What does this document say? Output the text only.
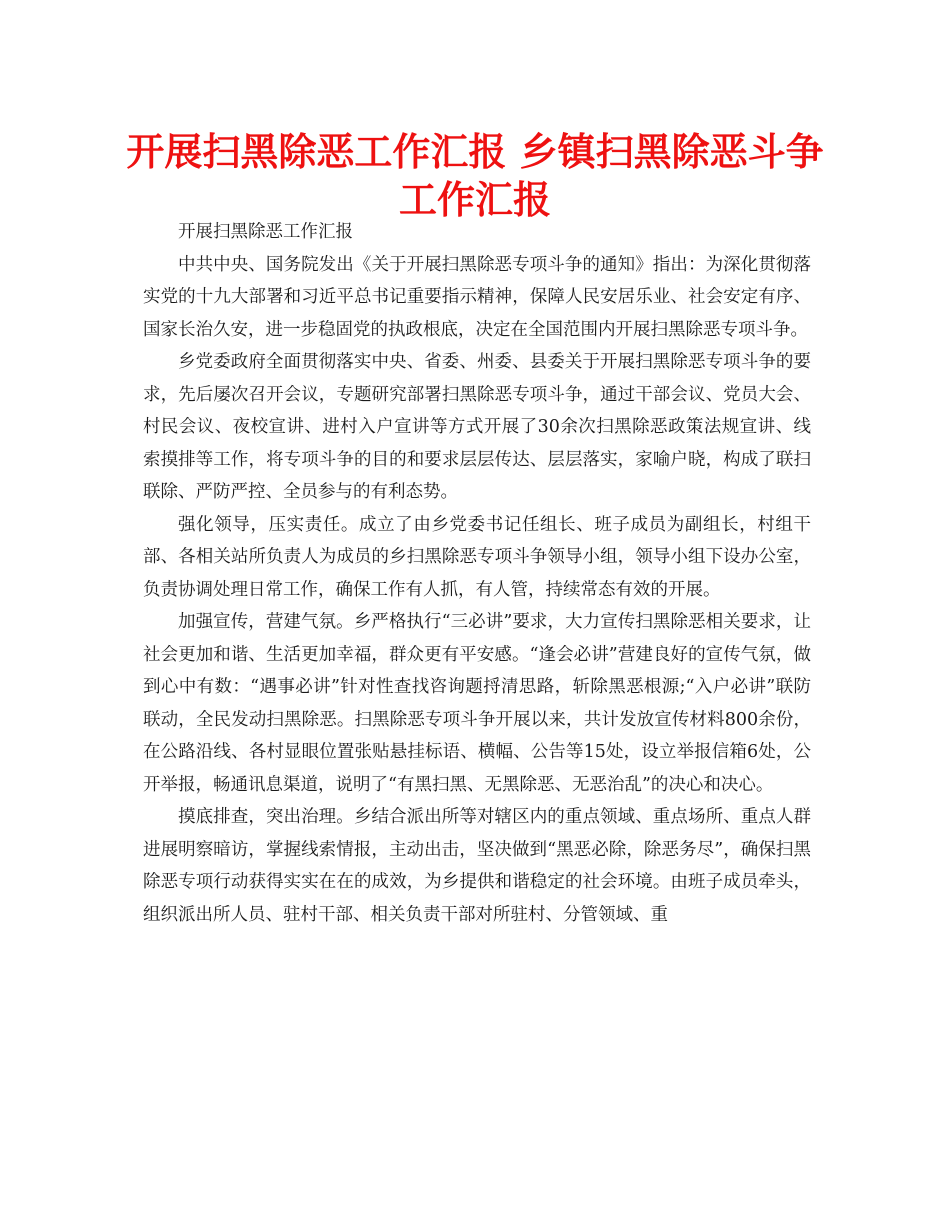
开展扫黑除恶工作汇报 乡镇扫黑除恶斗争工作汇报

开展扫黑除恶工作汇报

中共中央、国务院发出《关于开展扫黑除恶专项斗争的通知》指出：为深化贯彻落实党的十九大部署和习近平总书记重要指示精神，保障人民安居乐业、社会安定有序、国家长治久安，进一步稳固党的执政根底，决定在全国范围内开展扫黑除恶专项斗争。

乡党委政府全面贯彻落实中央、省委、州委、县委关于开展扫黑除恶专项斗争的要求，先后屡次召开会议，专题研究部署扫黑除恶专项斗争，通过干部会议、党员大会、村民会议、夜校宣讲、进村入户宣讲等方式开展了30余次扫黑除恶政策法规宣讲、线索摸排等工作，将专项斗争的目的和要求层层传达、层层落实，家喻户晓，构成了联扫联除、严防严控、全员参与的有利态势。

强化领导，压实责任。成立了由乡党委书记任组长、班子成员为副组长，村组干部、各相关站所负责人为成员的乡扫黑除恶专项斗争领导小组，领导小组下设办公室，负责协调处理日常工作，确保工作有人抓，有人管，持续常态有效的开展。

加强宣传，营建气氛。乡严格执行“三必讲”要求，大力宣传扫黑除恶相关要求，让社会更加和谐、生活更加幸福，群众更有平安感。“逢会必讲”营建良好的宣传气氛，做到心中有数：“遇事必讲”针对性查找咨询题捋清思路，斩除黑恶根源;“入户必讲”联防联动，全民发动扫黑除恶。扫黑除恶专项斗争开展以来，共计发放宣传材料800余份，在公路沿线、各村显眼位置张贴悬挂标语、横幅、公告等15处，设立举报信箱6处，公开举报，畅通讯息渠道，说明了“有黑扫黑、无黑除恶、无恶治乱”的决心和决心。

摸底排查，突出治理。乡结合派出所等对辖区内的重点领域、重点场所、重点人群进展明察暗访，掌握线索情报，主动出击，坚决做到“黑恶必除，除恶务尽”，确保扫黑除恶专项行动获得实实在在的成效，为乡提供和谐稳定的社会环境。由班子成员牵头，组织派出所人员、驻村干部、相关负责干部对所驻村、分管领域、重
